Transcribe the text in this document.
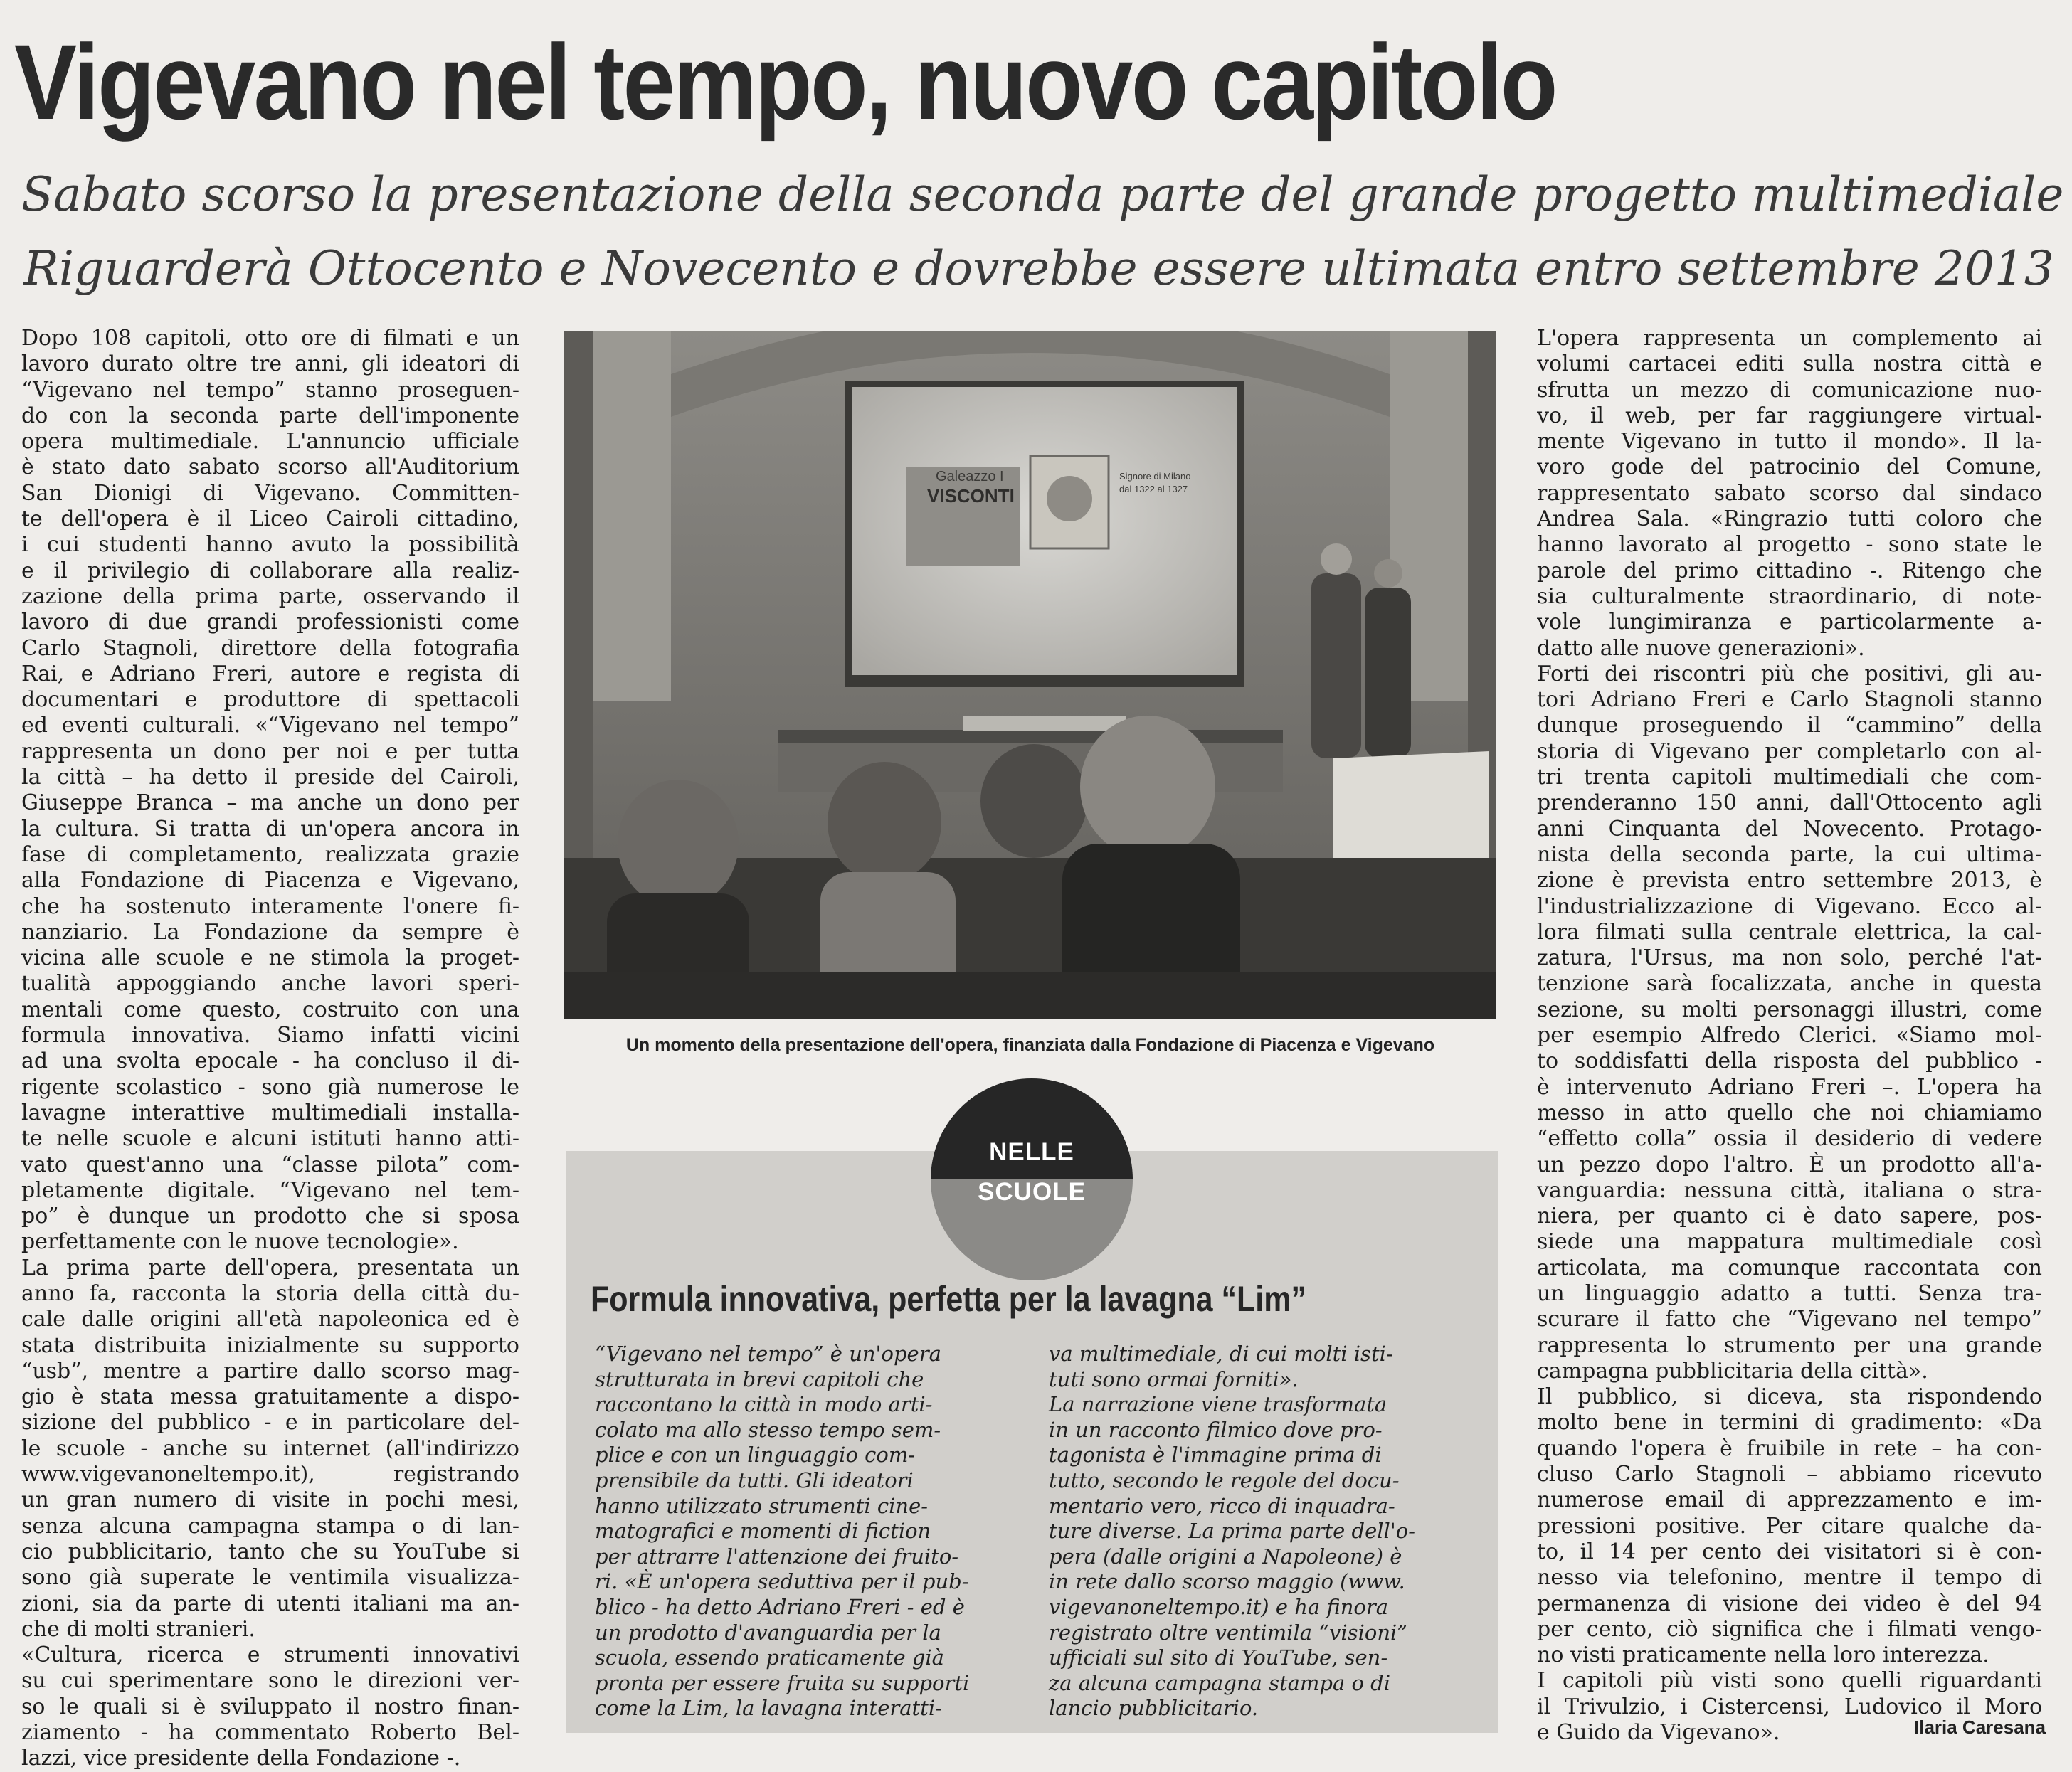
Vigevano nel tempo, nuovo capitolo
Sabato scorso la presentazione della seconda parte del grande progetto multimediale
Riguarderà Ottocento e Novecento e dovrebbe essere ultimata entro settembre 2013
Dopo 108 capitoli, otto ore di filmati e un
lavoro durato oltre tre anni, gli ideatori di
“Vigevano nel tempo” stanno proseguen-
do con la seconda parte dell'imponente
opera multimediale. L'annuncio ufficiale
è stato dato sabato scorso all'Auditorium
San Dionigi di Vigevano. Committen-
te dell'opera è il Liceo Cairoli cittadino,
i cui studenti hanno avuto la possibilità
e il privilegio di collaborare alla realiz-
zazione della prima parte, osservando il
lavoro di due grandi professionisti come
Carlo Stagnoli, direttore della fotografia
Rai, e Adriano Freri, autore e regista di
documentari e produttore di spettacoli
ed eventi culturali. «“Vigevano nel tempo”
rappresenta un dono per noi e per tutta
la città – ha detto il preside del Cairoli,
Giuseppe Branca – ma anche un dono per
la cultura. Si tratta di un'opera ancora in
fase di completamento, realizzata grazie
alla Fondazione di Piacenza e Vigevano,
che ha sostenuto interamente l'onere fi-
nanziario. La Fondazione da sempre è
vicina alle scuole e ne stimola la proget-
tualità appoggiando anche lavori speri-
mentali come questo, costruito con una
formula innovativa. Siamo infatti vicini
ad una svolta epocale - ha concluso il di-
rigente scolastico - sono già numerose le
lavagne interattive multimediali installa-
te nelle scuole e alcuni istituti hanno atti-
vato quest'anno una “classe pilota” com-
pletamente digitale. “Vigevano nel tem-
po” è dunque un prodotto che si sposa
perfettamente con le nuove tecnologie».
La prima parte dell'opera, presentata un
anno fa, racconta la storia della città du-
cale dalle origini all'età napoleonica ed è
stata distribuita inizialmente su supporto
“usb”, mentre a partire dallo scorso mag-
gio è stata messa gratuitamente a dispo-
sizione del pubblico - e in particolare del-
le scuole - anche su internet (all'indirizzo
www.vigevanoneltempo.it), registrando
un gran numero di visite in pochi mesi,
senza alcuna campagna stampa o di lan-
cio pubblicitario, tanto che su YouTube si
sono già superate le ventimila visualizza-
zioni, sia da parte di utenti italiani ma an-
che di molti stranieri.
«Cultura, ricerca e strumenti innovativi
su cui sperimentare sono le direzioni ver-
so le quali si è sviluppato il nostro finan-
ziamento - ha commentato Roberto Bel-
lazzi, vice presidente della Fondazione -.
Galeazzo I
VISCONTI
Signore di Milano
dal 1322 al 1327
Un momento della presentazione dell'opera, finanziata dalla Fondazione di Piacenza e Vigevano
NELLE
SCUOLE
Formula innovativa, perfetta per la lavagna “Lim”
“Vigevano nel tempo” è un'opera
strutturata in brevi capitoli che
raccontano la città in modo arti-
colato ma allo stesso tempo sem-
plice e con un linguaggio com-
prensibile da tutti. Gli ideatori
hanno utilizzato strumenti cine-
matografici e momenti di fiction
per attrarre l'attenzione dei fruito-
ri. «È un'opera seduttiva per il pub-
blico - ha detto Adriano Freri - ed è
un prodotto d'avanguardia per la
scuola, essendo praticamente già
pronta per essere fruita su supporti
come la Lim, la lavagna interatti-
va multimediale, di cui molti isti-
tuti sono ormai forniti».
La narrazione viene trasformata
in un racconto filmico dove pro-
tagonista è l'immagine prima di
tutto, secondo le regole del docu-
mentario vero, ricco di inquadra-
ture diverse. La prima parte dell'o-
pera (dalle origini a Napoleone) è
in rete dallo scorso maggio (www.
vigevanoneltempo.it) e ha finora
registrato oltre ventimila “visioni”
ufficiali sul sito di YouTube, sen-
za alcuna campagna stampa o di
lancio pubblicitario.
L'opera rappresenta un complemento ai
volumi cartacei editi sulla nostra città e
sfrutta un mezzo di comunicazione nuo-
vo, il web, per far raggiungere virtual-
mente Vigevano in tutto il mondo». Il la-
voro gode del patrocinio del Comune,
rappresentato sabato scorso dal sindaco
Andrea Sala. «Ringrazio tutti coloro che
hanno lavorato al progetto - sono state le
parole del primo cittadino -. Ritengo che
sia culturalmente straordinario, di note-
vole lungimiranza e particolarmente a-
datto alle nuove generazioni».
Forti dei riscontri più che positivi, gli au-
tori Adriano Freri e Carlo Stagnoli stanno
dunque proseguendo il “cammino” della
storia di Vigevano per completarlo con al-
tri trenta capitoli multimediali che com-
prenderanno 150 anni, dall'Ottocento agli
anni Cinquanta del Novecento. Protago-
nista della seconda parte, la cui ultima-
zione è prevista entro settembre 2013, è
l'industrializzazione di Vigevano. Ecco al-
lora filmati sulla centrale elettrica, la cal-
zatura, l'Ursus, ma non solo, perché l'at-
tenzione sarà focalizzata, anche in questa
sezione, su molti personaggi illustri, come
per esempio Alfredo Clerici. «Siamo mol-
to soddisfatti della risposta del pubblico -
è intervenuto Adriano Freri –. L'opera ha
messo in atto quello che noi chiamiamo
“effetto colla” ossia il desiderio di vedere
un pezzo dopo l'altro. È un prodotto all'a-
vanguardia: nessuna città, italiana o stra-
niera, per quanto ci è dato sapere, pos-
siede una mappatura multimediale così
articolata, ma comunque raccontata con
un linguaggio adatto a tutti. Senza tra-
scurare il fatto che “Vigevano nel tempo”
rappresenta lo strumento per una grande
campagna pubblicitaria della città».
Il pubblico, si diceva, sta rispondendo
molto bene in termini di gradimento: «Da
quando l'opera è fruibile in rete – ha con-
cluso Carlo Stagnoli – abbiamo ricevuto
numerose email di apprezzamento e im-
pressioni positive. Per citare qualche da-
to, il 14 per cento dei visitatori si è con-
nesso via telefonino, mentre il tempo di
permanenza di visione dei video è del 94
per cento, ciò significa che i filmati vengo-
no visti praticamente nella loro interezza.
I capitoli più visti sono quelli riguardanti
il Trivulzio, i Cistercensi, Ludovico il Moro
e Guido da Vigevano».	Ilaria Caresana
